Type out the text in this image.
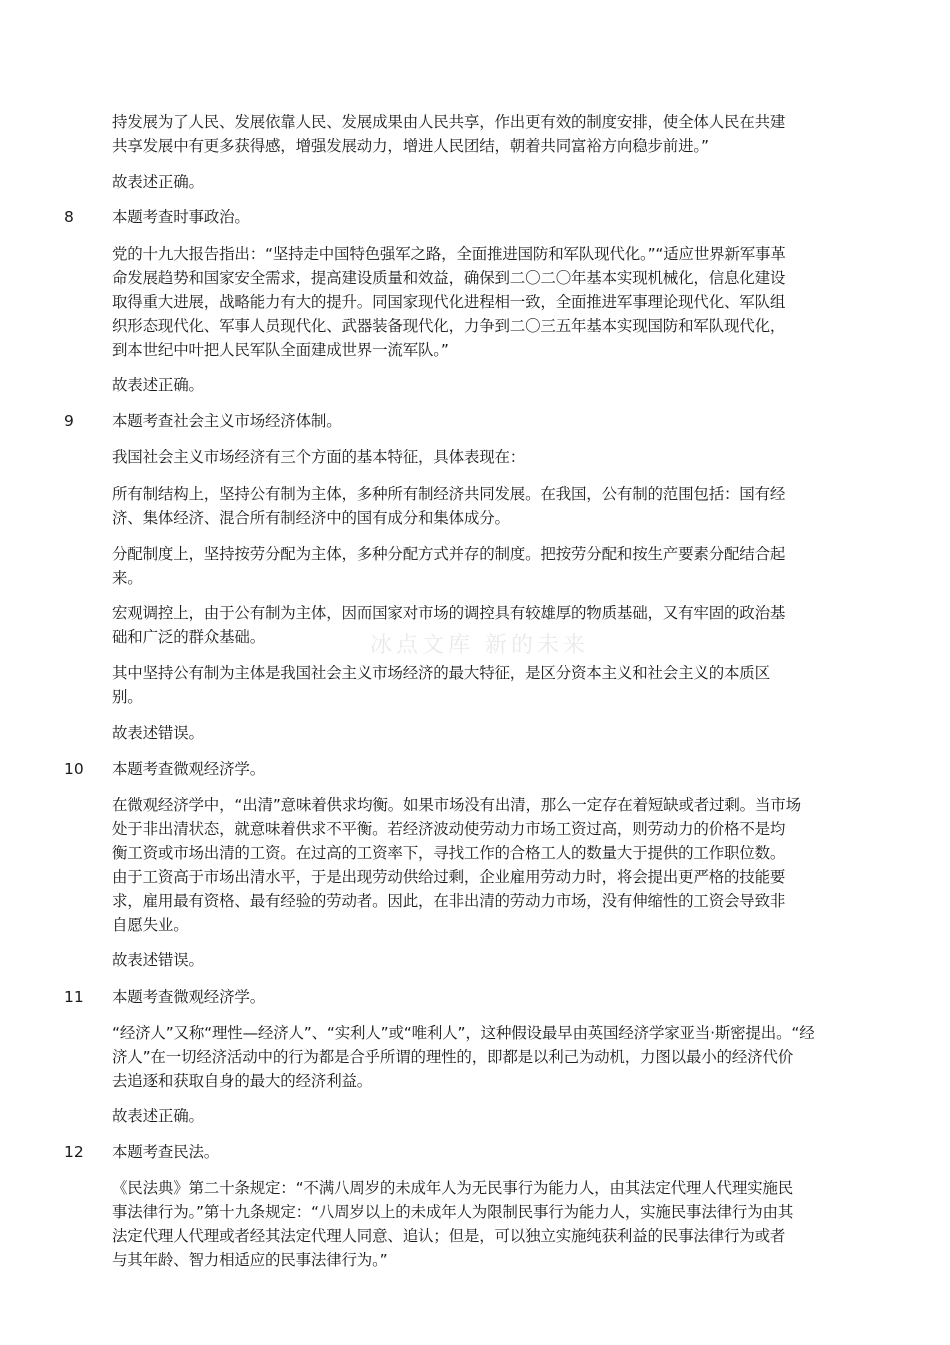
冰点文库 新的未来
持发展为了人民、发展依靠人民、发展成果由人民共享，作出更有效的制度安排，使全体人民在共建
共享发展中有更多获得感，增强发展动力，增进人民团结，朝着共同富裕方向稳步前进。”
故表述正确。
8 本题考查时事政治。
党的十九大报告指出：“坚持走中国特色强军之路，全面推进国防和军队现代化。”“适应世界新军事革
命发展趋势和国家安全需求，提高建设质量和效益，确保到二〇二〇年基本实现机械化，信息化建设
取得重大进展，战略能力有大的提升。同国家现代化进程相一致，全面推进军事理论现代化、军队组
织形态现代化、军事人员现代化、武器装备现代化，力争到二〇三五年基本实现国防和军队现代化，
到本世纪中叶把人民军队全面建成世界一流军队。”
故表述正确。
9 本题考查社会主义市场经济体制。
我国社会主义市场经济有三个方面的基本特征，具体表现在：
所有制结构上，坚持公有制为主体，多种所有制经济共同发展。在我国，公有制的范围包括：国有经
济、集体经济、混合所有制经济中的国有成分和集体成分。
分配制度上，坚持按劳分配为主体，多种分配方式并存的制度。把按劳分配和按生产要素分配结合起
来。
宏观调控上，由于公有制为主体，因而国家对市场的调控具有较雄厚的物质基础，又有牢固的政治基
础和广泛的群众基础。
其中坚持公有制为主体是我国社会主义市场经济的最大特征，是区分资本主义和社会主义的本质区
别。
故表述错误。
10 本题考查微观经济学。
在微观经济学中，“出清”意味着供求均衡。如果市场没有出清，那么一定存在着短缺或者过剩。当市场
处于非出清状态，就意味着供求不平衡。若经济波动使劳动力市场工资过高，则劳动力的价格不是均
衡工资或市场出清的工资。在过高的工资率下，寻找工作的合格工人的数量大于提供的工作职位数。
由于工资高于市场出清水平，于是出现劳动供给过剩，企业雇用劳动力时，将会提出更严格的技能要
求，雇用最有资格、最有经验的劳动者。因此，在非出清的劳动力市场，没有伸缩性的工资会导致非
自愿失业。
故表述错误。
11 本题考查微观经济学。
“经济人”又称“理性—经济人”、“实利人”或“唯利人”，这种假设最早由英国经济学家亚当·斯密提出。“经
济人”在一切经济活动中的行为都是合乎所谓的理性的，即都是以利己为动机，力图以最小的经济代价
去追逐和获取自身的最大的经济利益。
故表述正确。
12 本题考查民法。
《民法典》第二十条规定：“不满八周岁的未成年人为无民事行为能力人，由其法定代理人代理实施民
事法律行为。”第十九条规定：“八周岁以上的未成年人为限制民事行为能力人，实施民事法律行为由其
法定代理人代理或者经其法定代理人同意、追认；但是，可以独立实施纯获利益的民事法律行为或者
与其年龄、智力相适应的民事法律行为。”
